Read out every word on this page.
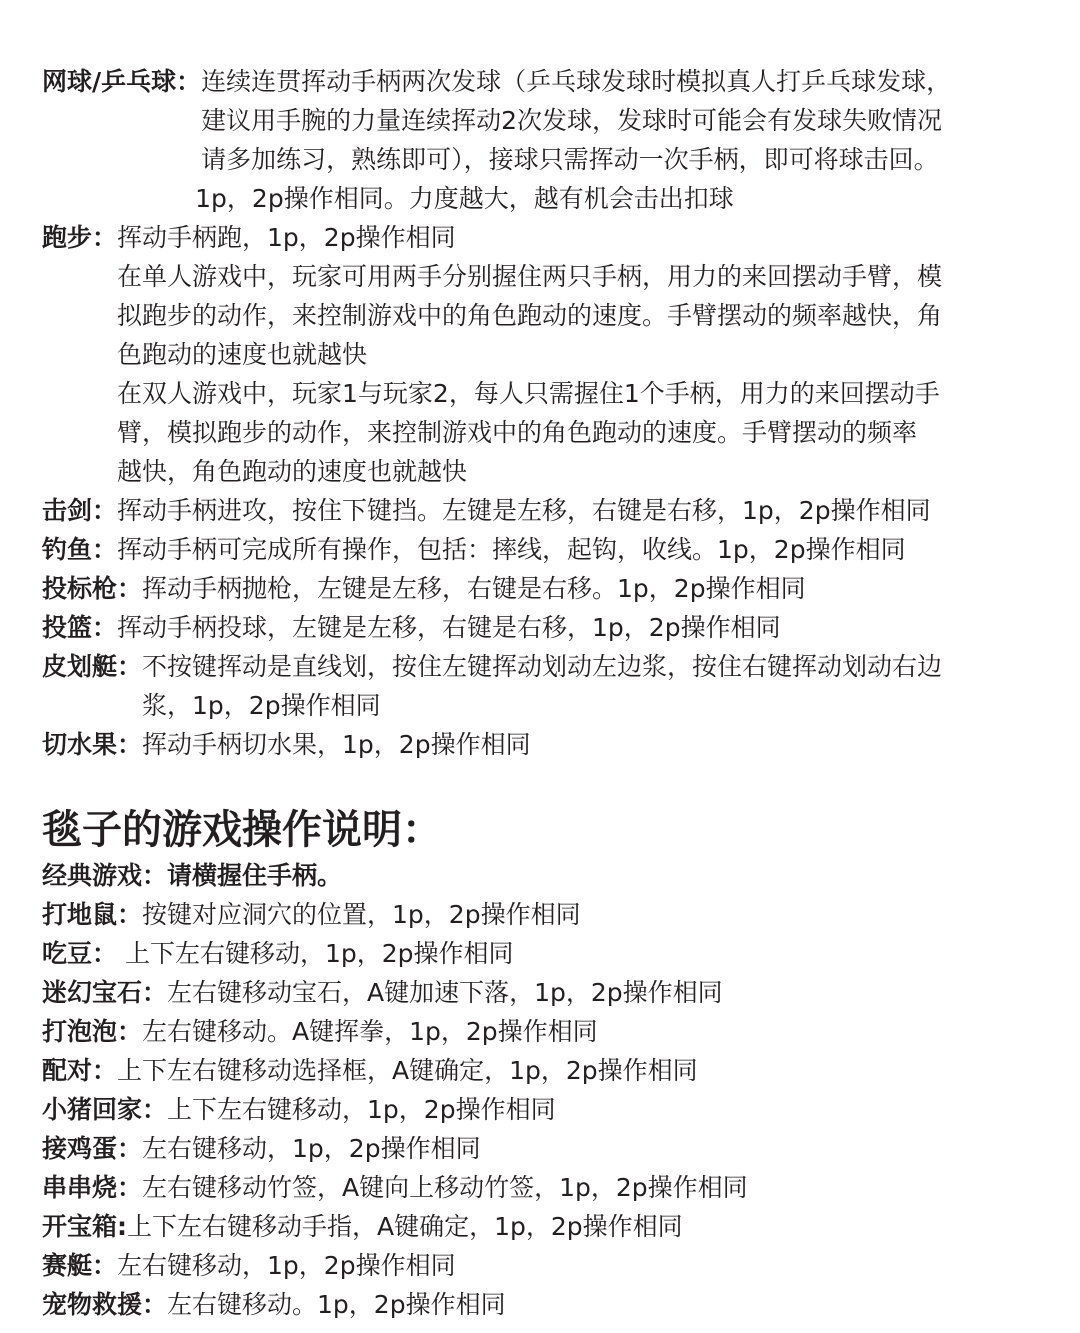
网球/乒乓球： 连续连贯挥动手柄两次发球（乒乓球发球时模拟真人打乒乓球发球，
建议用手腕的力量连续挥动2次发球，发球时可能会有发球失败情况
请多加练习，熟练即可），接球只需挥动一次手柄，即可将球击回。
1p，2p操作相同。力度越大，越有机会击出扣球
跑步： 挥动手柄跑，1p，2p操作相同
在单人游戏中，玩家可用两手分别握住两只手柄，用力的来回摆动手臂，模
拟跑步的动作，来控制游戏中的角色跑动的速度。手臂摆动的频率越快，角
色跑动的速度也就越快
在双人游戏中，玩家1与玩家2，每人只需握住1个手柄，用力的来回摆动手
臂，模拟跑步的动作，来控制游戏中的角色跑动的速度。手臂摆动的频率
越快，角色跑动的速度也就越快
击剑： 挥动手柄进攻，按住下键挡。左键是左移，右键是右移，1p，2p操作相同
钓鱼： 挥动手柄可完成所有操作，包括：摔线，起钩，收线。1p，2p操作相同
投标枪： 挥动手柄抛枪，左键是左移，右键是右移。1p，2p操作相同
投篮： 挥动手柄投球，左键是左移，右键是右移，1p，2p操作相同
皮划艇： 不按键挥动是直线划，按住左键挥动划动左边浆，按住右键挥动划动右边
浆，1p，2p操作相同
切水果： 挥动手柄切水果，1p，2p操作相同
毯子的游戏操作说明：
经典游戏：请横握住手柄。
打地鼠： 按键对应洞穴的位置，1p，2p操作相同
吃豆： 上下左右键移动，1p，2p操作相同
迷幻宝石： 左右键移动宝石，A键加速下落，1p，2p操作相同
打泡泡： 左右键移动。A键挥拳，1p，2p操作相同
配对： 上下左右键移动选择框，A键确定，1p，2p操作相同
小猪回家： 上下左右键移动，1p，2p操作相同
接鸡蛋： 左右键移动，1p，2p操作相同
串串烧： 左右键移动竹签，A键向上移动竹签，1p，2p操作相同
开宝箱: 上下左右键移动手指，A键确定，1p，2p操作相同
赛艇： 左右键移动，1p，2p操作相同
宠物救援： 左右键移动。1p，2p操作相同
